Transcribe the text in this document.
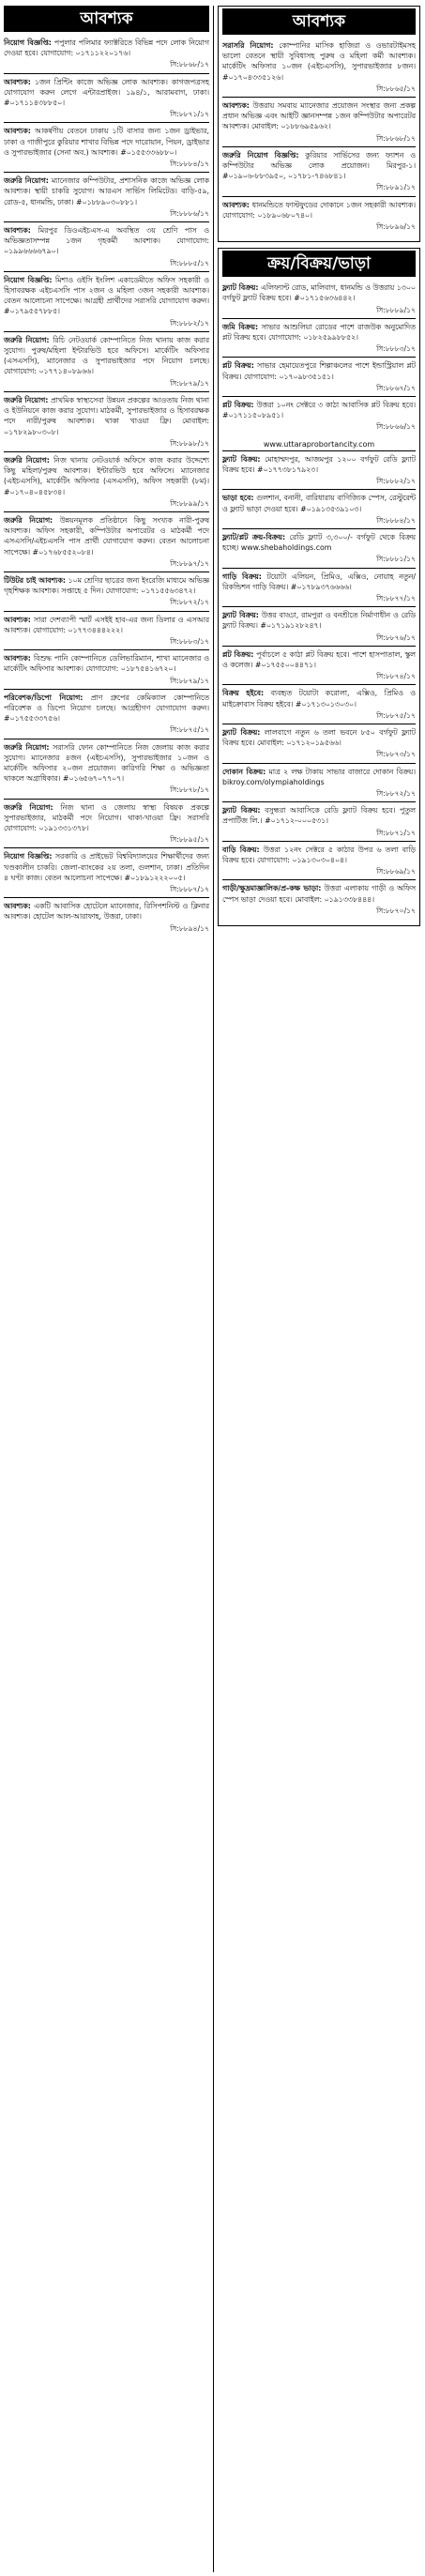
আবশ্যক
নিয়োগ বিজ্ঞপ্তি: পপুলার পলিমার ফ্যাক্টরিতে বিভিন্ন পদে লোক নিয়োগ দেওয়া হবে। যোগাযোগ: ০১৭১১২২০১৭৬।
সি:৮৮৬৮/১৭
আবশ্যক: ১জন প্রিন্টিং কাজে অভিজ্ঞ লোক আবশ্যক। কাগজপত্রসহ যোগাযোগ করুন লেগে এন্টারপ্রাইজ। ১৯৪/১, আরামবাগ, ঢাকা। #০১৭১১৪৩৮৮৫০।
সি:৮৮৭১/১৭
আবশ্যক: আকর্ষণীয় বেতনে ঢাকায় ১টি বাসার জন্য ১জন ড্রাইভার, ঢাকা ও গাজীপুরে কুরিয়ার শাখার বিভিন্ন পদে দারোয়ান, পিয়ন, ড্রাইভার ও সুপারভাইজার (সেনা অব.) আবশ্যক। #০১৫৫৩৩৬৮৮০।
সি:৮৮৮৪/১৭
জরুরি নিয়োগ: ম্যানেজার কম্পিউটার, প্রশাসনিক কাজে অভিজ্ঞ লোক আবশ্যক। স্থায়ী চাকরি সুযোগ। আরএস সার্ভিস লিমিটেড। বাড়ি-৫৯, রোড-৫, ধানমন্ডি, ঢাকা। #০১৮৮৯০৩০৮৮১।
সি:৮৮৮৬/১৭
আবশ্যক: মিরপুর ডিওএইচএস-এ অবস্থিত ৩য় শ্রেণি পাস ও অভিজ্ঞতাসম্পন্ন ১জন গৃহকর্মী আবশ্যক। যোগাযোগ: ০১৯৯৬৬৬৬৭৯০।
সি:৮৮৮৫/১৭
নিয়োগ বিজ্ঞপ্তি: মিশাও ওইসি ইংলিশ একাডেমীতে অফিস সহকারী ও হিসাবরক্ষক এইচএসসি পাস ২জন ও মহিলা ৩জন সহকারী আবশ্যক। বেতন আলোচনা সাপেক্ষে। আগ্রহী প্রার্থীদের সরাসরি যোগাযোগ করুন। #০১৭৯৫৫৭৮৮৫।
সি:৮৮৮২/১৭
জরুরি নিয়োগ: রিচি নেটওয়ার্ক কোম্পানিতে নিজ থানায় কাজ করার সুযোগ। পুরুষ/মহিলা ইন্টারভিউ হবে অফিসে। মার্কেটিং অফিসার (এসএসসি), ম্যানেজার ও সুপারভাইজার পদে নিয়োগ চলছে। যোগাযোগ: ০১৭৭১৪০৮৯৬৬।
সি:৮৮৭৯/১৭
জরুরি নিয়োগ: প্রাথমিক স্বাস্থ্যসেবা উন্নয়ন প্রকল্পের আওতায় নিজ থানা ও ইউনিয়নে কাজ করার সুযোগ। মাঠকর্মী, সুপারভাইজার ও হিসাবরক্ষক পদে নারী/পুরুষ আবশ্যক। থাকা খাওয়া ফ্রি। মোবাইল: ০১৭৮২৯৮০৩০৮।
সি:৮৮৯৮/১৭
জরুরি নিয়োগ: নিজ থানায় নেটওয়ার্ক অফিসে কাজ করার উদ্দেশ্যে কিছু মহিলা/পুরুষ আবশ্যক। ইন্টারভিউ হবে অফিসে। ম্যানেজার (এইচএসসি), মার্কেটিং অফিসার (এসএসসি), অফিস সহকারী (৮ম)। #০১৭০৪০৪৫৮৩৪।
সি:৮৮৯৯/১৭
জরুরি নিয়োগ: উন্নয়নমূলক প্রতিষ্ঠানে কিছু সংখ্যক নারী-পুরুষ আবশ্যক। অফিস সহকারী, কম্পিউটার অপারেটর ও মাঠকর্মী পদে এসএসসি/এইচএসসি পাস প্রার্থী যোগাযোগ করুন। বেতন আলোচনা সাপেক্ষে। #০১৭৬৮৫৫২০৮৪।
সি:৮৮৯৭/১৭
টিউটর চাই আবশ্যক: ১০ম শ্রেণির ছাত্রের জন্য ইংরেজি মাধ্যমে অভিজ্ঞ গৃহশিক্ষক আবশ্যক। সপ্তাহে ৫ দিন। যোগাযোগ: ০১৭১৫৫৬৩৪৭২।
সি:৮৮৭২/১৭
আবশ্যক: সারা দেশব্যাপী স্মার্ট এসইই হাব-এর জন্য ডিলার ও এসআর আবশ্যক। যোগাযোগ: ০১৭৭৩৪৪৪২২২।
সি:৮৮৮৩/১৭
আবশ্যক: বিশুদ্ধ পানি কোম্পানিতে ডেলিভারিম্যান, শাখা ম্যানেজার ও মার্কেটিং অফিসার আবশ্যক। যোগাযোগ: ০১৮৭৫৪১৬৭২০।
সি:৮৮৭৯/১৭
পরিবেশক/ডিপো নিয়োগ: প্রাণ গ্রুপের কেমিক্যাল কোম্পানিতে পরিবেশক ও ডিপো নিয়োগ চলছে। আগ্রহীগণ যোগাযোগ করুন। #০১৭৫৫৩৩৭৫৬।
সি:৮৮৭৫/১৭
জরুরি নিয়োগ: সরাসরি ফোন কোম্পানিতে নিজ জেলায় কাজ করার সুযোগ। ম্যানেজার ৪জন (এইচএসসি), সুপারভাইজার ১০জন ও মার্কেটিং অফিসার ২০জন প্রয়োজন। কারিগরি শিক্ষা ও অভিজ্ঞতা থাকলে অগ্রাধিকার। #০১৬৫৬৭০৭৭০৭।
সি:৮৮৭৮/১৭
জরুরি নিয়োগ: নিজ থানা ও জেলায় স্বাস্থ্য বিষয়ক প্রকল্পে সুপারভাইজার, মাঠকর্মী পদে নিয়োগ। থাকা-খাওয়া ফ্রি। সরাসরি যোগাযোগ: ০১৯১৩৩১৩৭৮।
সি:৮৮৯৫/১৭
নিয়োগ বিজ্ঞপ্তি: সরকারি ও প্রাইভেট বিশ্ববিদ্যালয়ের শিক্ষার্থীদের জন্য খণ্ডকালীন চাকরি। জেলা-ব্যাংকের ২য় তলা, গুলশান, ঢাকা। প্রতিদিন ৪ ঘণ্টা কাজ। বেতন আলোচনা সাপেক্ষে। #০১৮৯১২২২০০৫।
সি:৮৮৮৭/১৭
আবশ্যক: একটি আবাসিক হোটেলে ম্যানেজার, রিসিপশনিস্ট ও ক্লিনার আবশ্যক। হোটেল আল-আরাফাহ, উত্তরা, ঢাকা।
সি:৮৮৯৪/১৭
আবশ্যক
সরাসরি নিয়োগ: কোম্পানির মাসিক হাজিরা ও ওভারটাইমসহ ভালো বেতনে স্থায়ী সুবিধাসহ পুরুষ ও মহিলা কর্মী আবশ্যক। মার্কেটিং অফিসার ১০জন (এইচএসসি), সুপারভাইজার ৮জন। #০১৭০৪৩৩৫১২৬।
সি:৮৮৬৫/১৭
আবশ্যক: উত্তরায় সমবায় ম্যানেজার প্রয়োজন সংস্থার জন্য প্রকল্প প্রধান অভিজ্ঞ এবং আইটি জ্ঞানসম্পন্ন ১জন কম্পিউটার অপারেটর আবশ্যক। মোবাইল: ০১৮৮৬৯৫৯৬২।
সি:৮৮৬৮/১৭
জরুরি নিয়োগ বিজ্ঞপ্তি: কুরিয়ার সার্ভিসের জন্য ফ্যাশন ও কম্পিউটার অভিজ্ঞ লোক প্রয়োজন। মিরপুর-১। #০১৯০৬-৮৮৩৯৫০, ০১৭৮১-৭৪৬৮৪১।
সি:৮৮৯১/১৭
আবশ্যক: ধানমন্ডিতে ফাস্টফুডের দোকানে ১জন সহকারী আবশ্যক। যোগাযোগ: ০১৮৯০৬৮০৭৪০।
সি:৮৮৯৬/১৭
ক্রয়/বিক্রয়/ভাড়া
ফ্ল্যাট বিক্রয়: এলিফ্যান্ট রোড, মালিবাগ, ধানমন্ডি ও উত্তরায় ১৩০০ বর্গফুট ফ্ল্যাট বিক্রয় হবে। #০১৭১৫৬৩৬৪৪২।
সি:৮৮৮৯/১৭
জমি বিক্রয়: সাভার আশুলিয়া রোডের পাশে রাজউক অনুমোদিত প্লট বিক্রয় হবে। যোগাযোগ: ০১৮২৫৯৯৮৮৫২।
সি:৮৮৮৩/১৭
প্লট বিক্রয়: সাভার হেমায়েতপুরে শিল্পাঞ্চলের পাশে ইন্ডাস্ট্রিয়াল প্লট বিক্রয়। যোগাযোগ: ০১৭০৯৮৩৫১৫১।
সি:৮৮৬৭/১৭
প্লট বিক্রয়: উত্তরা ১০নং সেক্টরে ৩ কাঠা আবাসিক প্লট বিক্রয় হবে। #০১৭১১৫০৮৯৫১।
সি:৮৮৬৬/১৭
www.uttaraprobortancity.com
ফ্ল্যাট বিক্রয়: মোহাম্মদপুর, আজমপুর ১২০০ বর্গফুট রেডি ফ্ল্যাট বিক্রয় হবে। #০১৭৭৩৮১৭৯২৩।
সি:৮৮৮২/১৭
ভাড়া হবে: গুলশান, বনানী, বারিধারায় বাণিজ্যিক স্পেস, রেস্টুরেন্ট ও ফ্ল্যাট ভাড়া দেওয়া হবে। #০১৯১৩৫৩৯১০৩।
সি:৮৮৮৪/১৭
ফ্ল্যাট/প্লট ক্রয়-বিক্রয়: রেডি ফ্ল্যাট ৩,৩০০/- বর্গফুট থেকে বিক্রয় হচ্ছে। www.shebaholdings.com
সি:৮৮৮১/১৭
গাড়ি বিক্রয়: টয়োটা এলিয়ন, প্রিমিও, এক্সিও, নোয়াহ নতুন/রিকন্ডিশন গাড়ি বিক্রয়। #০১৭৮৯৩৭৬৬৬৬।
সি:৮৮৭৭/১৭
ফ্ল্যাট বিক্রয়: উত্তর বাড্ডা, রামপুরা ও বনশ্রীতে নির্মাণাধীন ও রেডি ফ্ল্যাট বিক্রয়। #০১৭১৯১২৮২৪৭।
সি:৮৮৭৬/১৭
প্লট বিক্রয়: পূর্বাচলে ৫ কাঠা প্লট বিক্রয় হবে। পাশে হাসপাতাল, স্কুল ও কলেজ। #০১৭৫৫০০৪৪৭১।
সি:৮৮৭৪/১৭
বিক্রয় হইবে: ব্যবহৃত টয়োটা করোলা, এক্সিও, প্রিমিও ও মাইক্রোবাস বিক্রয় হইবে। #০১৭১৩০১৩০৩০।
সি:৮৮৭৫/১৭
ফ্ল্যাট বিক্রয়: লালবাগে নতুন ৬ তলা ভবনে ৮৫০ বর্গফুট ফ্ল্যাট বিক্রয় হবে। মোবাইল: ০১৭১২০১৯৫৬৬।
সি:৮৮৭৩/১৭
দোকান বিক্রয়: মাত্র ২ লক্ষ টাকায় সাভার বাজারে দোকান বিক্রয়। bikroy.com/olympiaholdings
সি:৮৮৭২/১৭
ফ্ল্যাট বিক্রয়: বসুন্ধরা আবাসিকে রেডি ফ্ল্যাট বিক্রয় হবে। পুতুল প্রপার্টিজ লি.। #০১৭১২-০০০৫৩১।
সি:৮৮৭১/১৭
বাড়ি বিক্রয়: উত্তরা ১২নং সেক্টরে ৫ কাঠার উপর ৬ তলা বাড়ি বিক্রয় হবে। যোগাযোগ: ০১৯১৩০৩০৪০৪।
সি:৮৮৬৯/১৭
গাড়ী/ক্ষুদ্রমাজ্ঞালিক/প্ৰ-কক্ষ ভাড়া: উত্তরা এলাকায় গাড়ী ও অফিস স্পেস ভাড়া দেওয়া হবে। মোবাইল: ০১৯১৩৩৮৪৪৪।
সি:৮৮৭০/১৭
